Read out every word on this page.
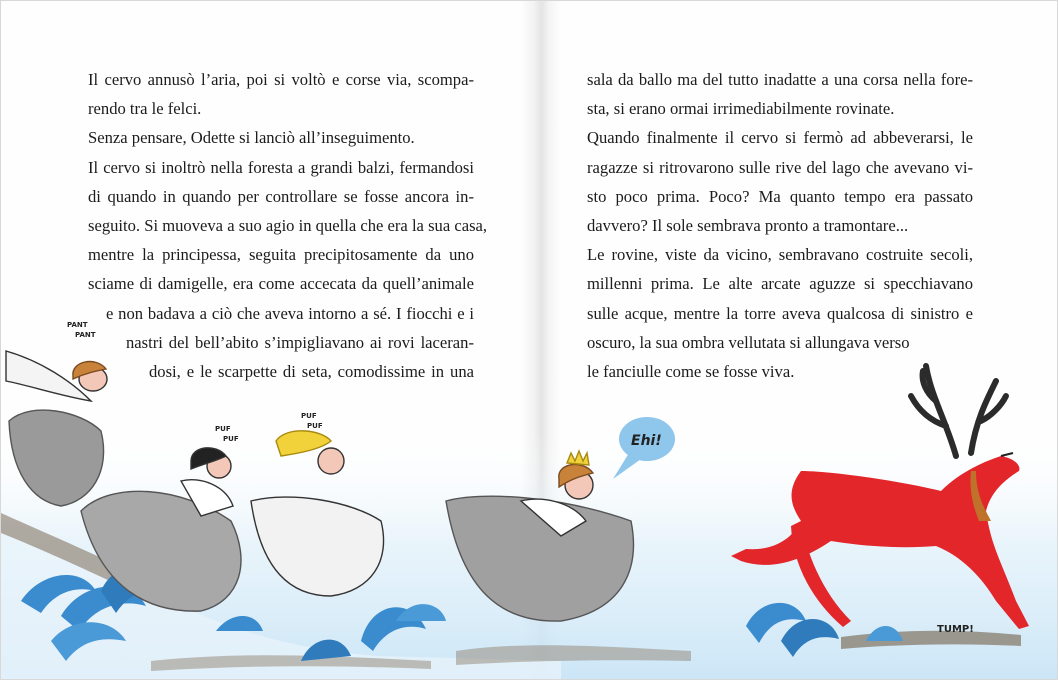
PANT
PANT
PUF
PUF
PUF
PUF
Ehi!
TUMP!
Il cervo annusò l’aria, poi si voltò e corse via, scompa-
rendo tra le felci.
Senza pensare, Odette si lanciò all’inseguimento.
Il cervo si inoltrò nella foresta a grandi balzi, fermandosi
di quando in quando per controllare se fosse ancora in-
seguito. Si muoveva a suo agio in quella che era la sua casa,
mentre la principessa, seguita precipitosamente da uno
sciame di damigelle, era come accecata da quell’animale
e non badava a ciò che aveva intorno a sé. I fiocchi e i
nastri del bell’abito s’impigliavano ai rovi laceran-
dosi, e le scarpette di seta, comodissime in una
sala da ballo ma del tutto inadatte a una corsa nella fore-
sta, si erano ormai irrimediabilmente rovinate.
Quando finalmente il cervo si fermò ad abbeverarsi, le
ragazze si ritrovarono sulle rive del lago che avevano vi-
sto poco prima. Poco? Ma quanto tempo era passato
davvero? Il sole sembrava pronto a tramontare...
Le rovine, viste da vicino, sembravano costruite secoli,
millenni prima. Le alte arcate aguzze si specchiavano
sulle acque, mentre la torre aveva qualcosa di sinistro e
oscuro, la sua ombra vellutata si allungava verso
le fanciulle come se fosse viva.
